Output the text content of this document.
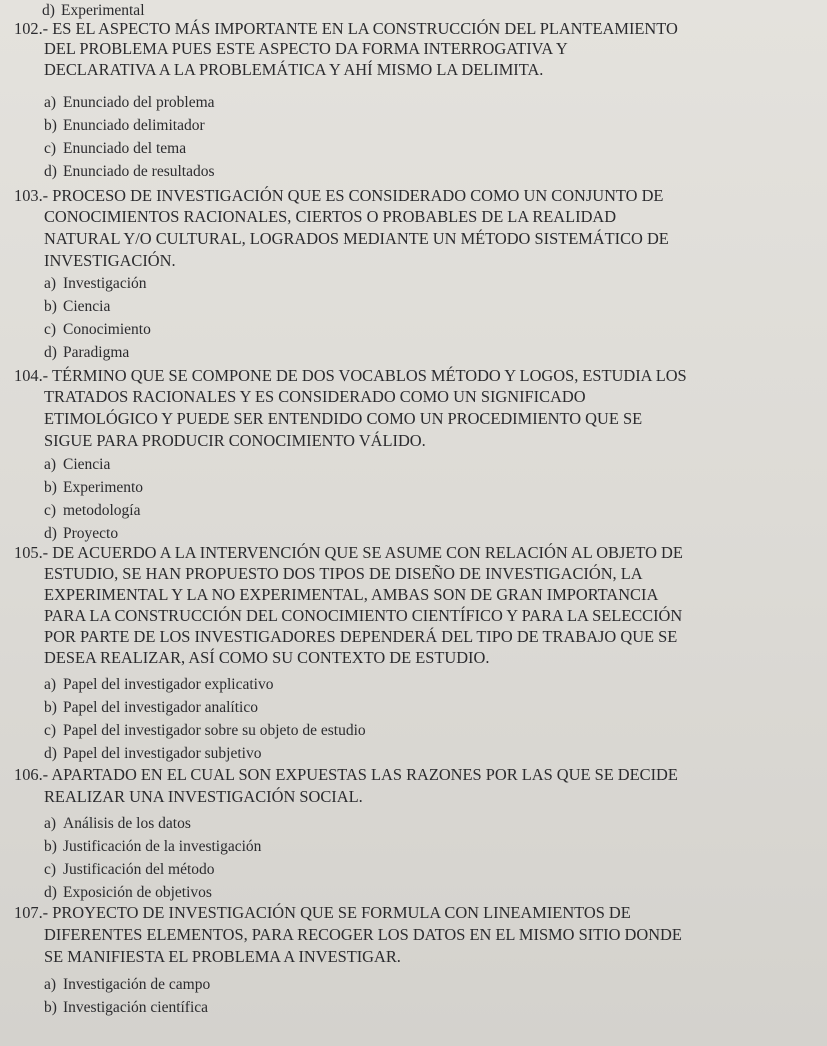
d) Experimental
102.- ES EL ASPECTO MÁS IMPORTANTE EN LA CONSTRUCCIÓN DEL PLANTEAMIENTO
DEL PROBLEMA PUES ESTE ASPECTO DA FORMA INTERROGATIVA Y
DECLARATIVA A LA PROBLEMÁTICA Y AHÍ MISMO LA DELIMITA.
a) Enunciado del problema
b) Enunciado delimitador
c) Enunciado del tema
d) Enunciado de resultados
103.- PROCESO DE INVESTIGACIÓN QUE ES CONSIDERADO COMO UN CONJUNTO DE
CONOCIMIENTOS RACIONALES, CIERTOS O PROBABLES DE LA REALIDAD
NATURAL Y/O CULTURAL, LOGRADOS MEDIANTE UN MÉTODO SISTEMÁTICO DE
INVESTIGACIÓN.
a) Investigación
b) Ciencia
c) Conocimiento
d) Paradigma
104.- TÉRMINO QUE SE COMPONE DE DOS VOCABLOS MÉTODO Y LOGOS, ESTUDIA LOS
TRATADOS RACIONALES Y ES CONSIDERADO COMO UN SIGNIFICADO
ETIMOLÓGICO Y PUEDE SER ENTENDIDO COMO UN PROCEDIMIENTO QUE SE
SIGUE PARA PRODUCIR CONOCIMIENTO VÁLIDO.
a) Ciencia
b) Experimento
c) metodología
d) Proyecto
105.- DE ACUERDO A LA INTERVENCIÓN QUE SE ASUME CON RELACIÓN AL OBJETO DE
ESTUDIO, SE HAN PROPUESTO DOS TIPOS DE DISEÑO DE INVESTIGACIÓN, LA
EXPERIMENTAL Y LA NO EXPERIMENTAL, AMBAS SON DE GRAN IMPORTANCIA
PARA LA CONSTRUCCIÓN DEL CONOCIMIENTO CIENTÍFICO Y PARA LA SELECCIÓN
POR PARTE DE LOS INVESTIGADORES DEPENDERÁ DEL TIPO DE TRABAJO QUE SE
DESEA REALIZAR, ASÍ COMO SU CONTEXTO DE ESTUDIO.
a) Papel del investigador explicativo
b) Papel del investigador analítico
c) Papel del investigador sobre su objeto de estudio
d) Papel del investigador subjetivo
106.- APARTADO EN EL CUAL SON EXPUESTAS LAS RAZONES POR LAS QUE SE DECIDE
REALIZAR UNA INVESTIGACIÓN SOCIAL.
a) Análisis de los datos
b) Justificación de la investigación
c) Justificación del método
d) Exposición de objetivos
107.- PROYECTO DE INVESTIGACIÓN QUE SE FORMULA CON LINEAMIENTOS DE
DIFERENTES ELEMENTOS, PARA RECOGER LOS DATOS EN EL MISMO SITIO DONDE
SE MANIFIESTA EL PROBLEMA A INVESTIGAR.
a) Investigación de campo
b) Investigación científica
